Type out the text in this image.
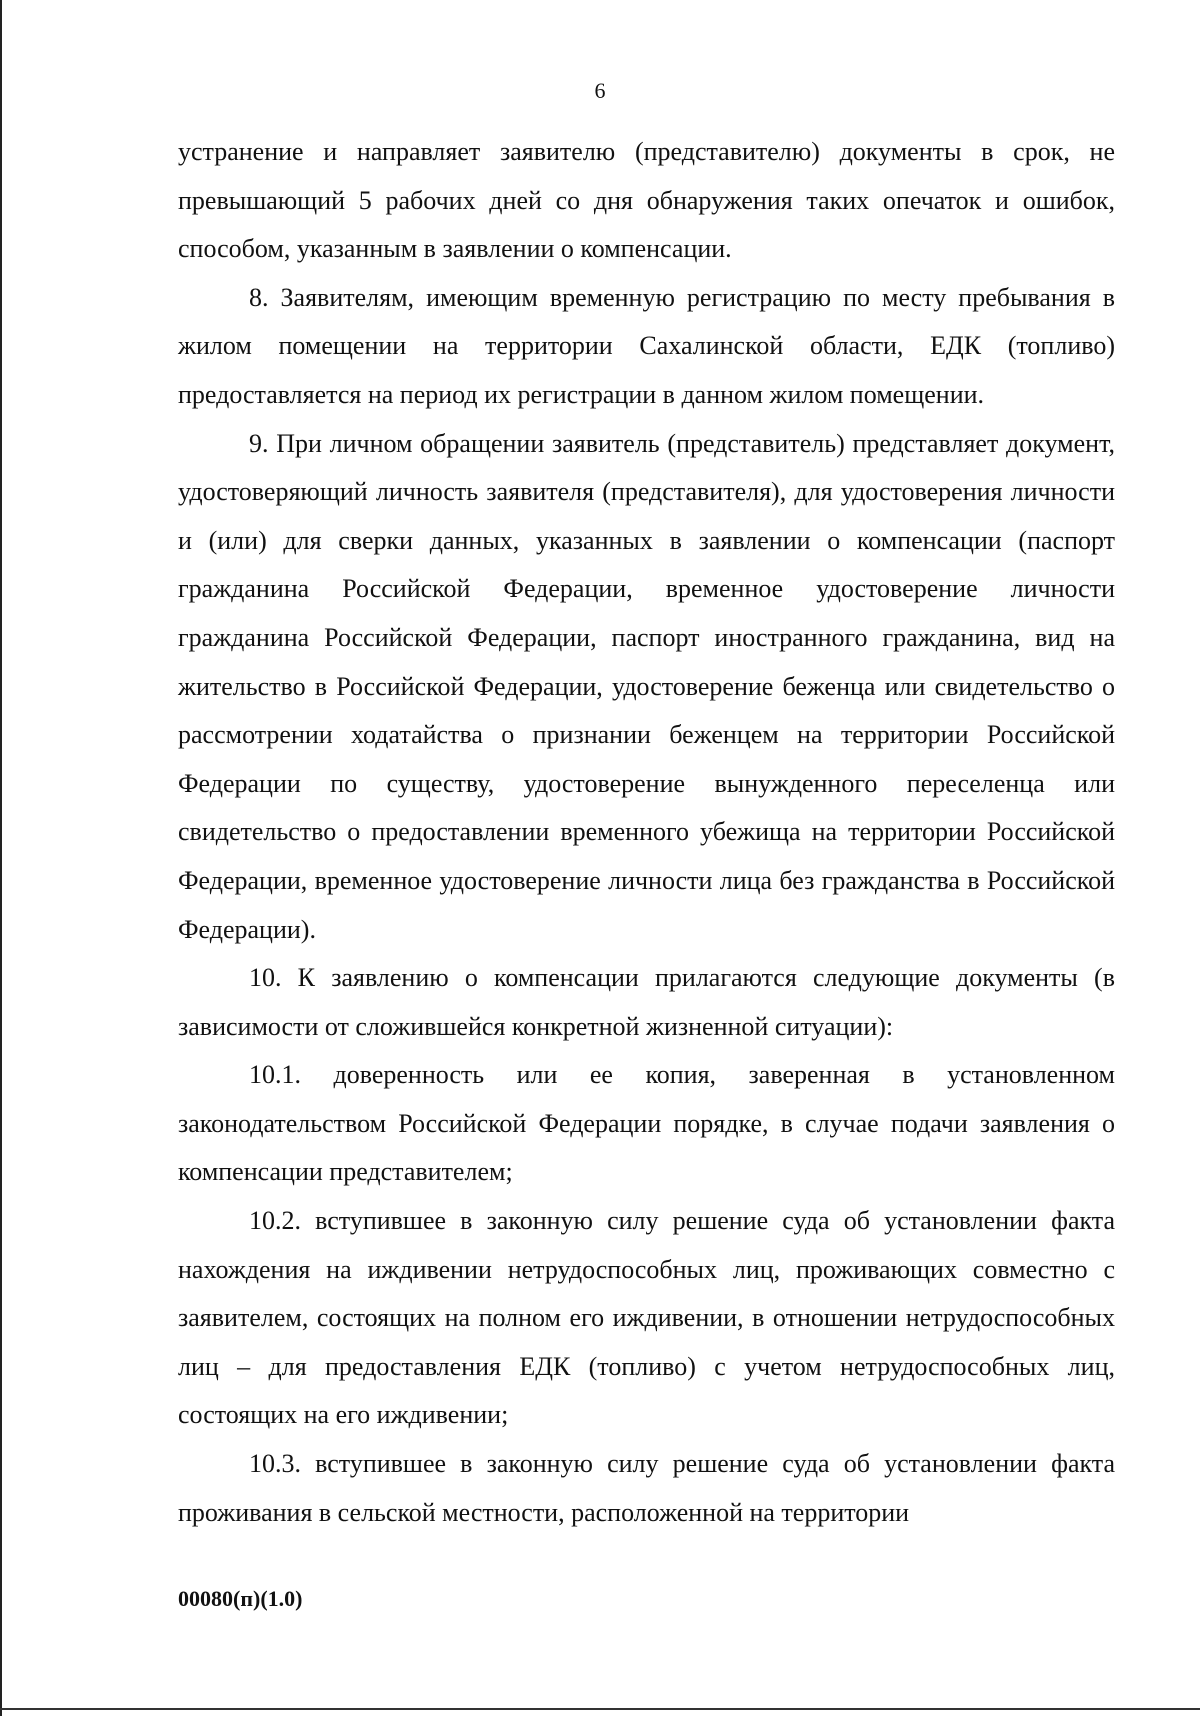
6

устранение и направляет заявителю (представителю) документы в срок, не превышающий 5 рабочих дней со дня обнаружения таких опечаток и ошибок, способом, указанным в заявлении о компенсации.

8. Заявителям, имеющим временную регистрацию по месту пребывания в жилом помещении на территории Сахалинской области, ЕДК (топливо) предоставляется на период их регистрации в данном жилом помещении.

9. При личном обращении заявитель (представитель) представляет документ, удостоверяющий личность заявителя (представителя), для удостоверения личности и (или) для сверки данных, указанных в заявлении о компенсации (паспорт гражданина Российской Федерации, временное удостоверение личности гражданина Российской Федерации, паспорт иностранного гражданина, вид на жительство в Российской Федерации, удостоверение беженца или свидетельство о рассмотрении ходатайства о признании беженцем на территории Российской Федерации по существу, удостоверение вынужденного переселенца или свидетельство о предоставлении временного убежища на территории Российской Федерации, временное удостоверение личности лица без гражданства в Российской Федерации).

10. К заявлению о компенсации прилагаются следующие документы (в зависимости от сложившейся конкретной жизненной ситуации):

10.1. доверенность или ее копия, заверенная в установленном законодательством Российской Федерации порядке, в случае подачи заявления о компенсации представителем;

10.2. вступившее в законную силу решение суда об установлении факта нахождения на иждивении нетрудоспособных лиц, проживающих совместно с заявителем, состоящих на полном его иждивении, в отношении нетрудоспособных лиц – для предоставления ЕДК (топливо) с учетом нетрудоспособных лиц, состоящих на его иждивении;

10.3. вступившее в законную силу решение суда об установлении факта проживания в сельской местности, расположенной на территории

00080(п)(1.0)
